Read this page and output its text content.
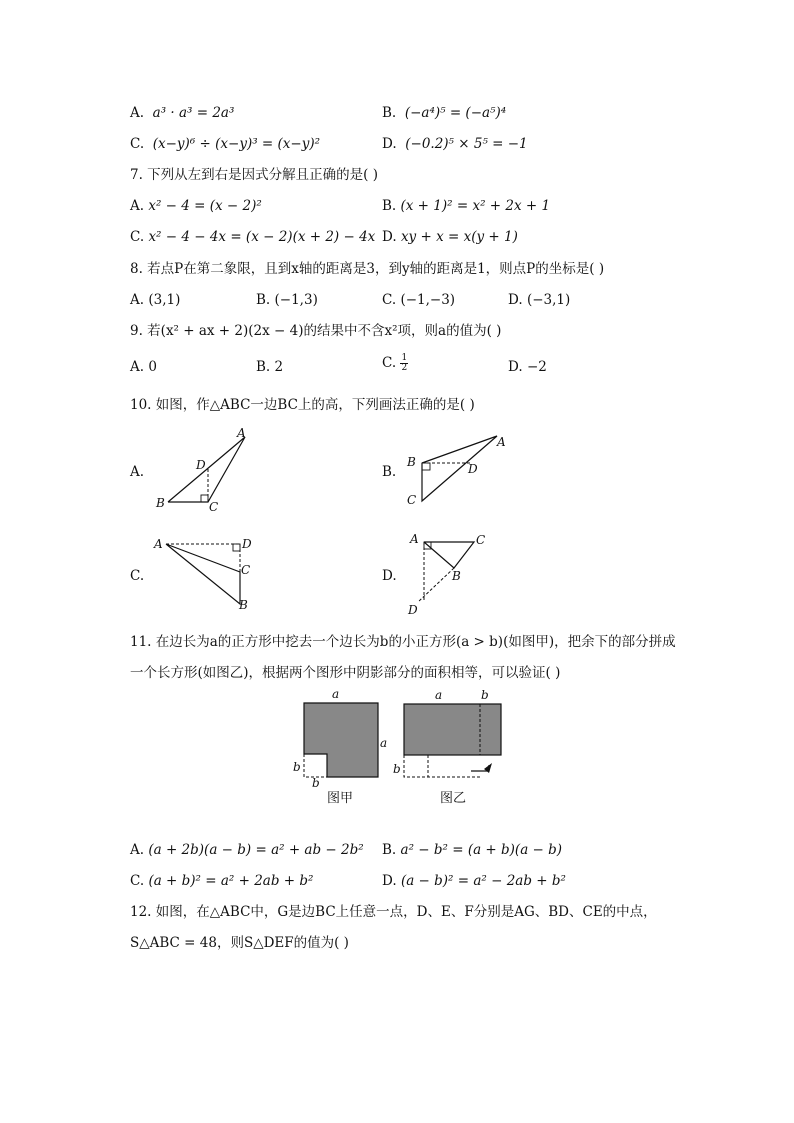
A. a³ · a³ = 2a³	B. (−a⁴)⁵ = (−a⁵)⁴
C. (x−y)⁶ ÷ (x−y)³ = (x−y)²	D. (−0.2)⁵ × 5⁵ = −1
7. 下列从左到右是因式分解且正确的是( )
A. x² − 4 = (x − 2)²	B. (x + 1)² = x² + 2x + 1
C. x² − 4 − 4x = (x − 2)(x + 2) − 4x D. xy + x = x(y + 1)
8. 若点P在第二象限，且到x轴的距离是3，到y轴的距离是1，则点P的坐标是( )
A. (3,1)	B. (−1,3)	C. (−1,−3)	D. (−3,1)
9. 若(x² + ax + 2)(2x − 4)的结果中不含x²项，则a的值为( )
A. 0	B. 2	C. $\frac{1}{2}$	D. −2
10. 如图，作△ABC一边BC上的高，下列画法正确的是( )
A.
A
D
B	C
B.
A
B	D
C
C.
A	D
C
B
D.
A	C
B
D
11. 在边长为a的正方形中挖去一个边长为b的小正方形(a > b)(如图甲)，把余下的部分拼成
一个长方形(如图乙)，根据两个图形中阴影部分的面积相等，可以验证( )
a
a
b
b
图甲
a	b
b
图乙
A. (a + 2b)(a − b) = a² + ab − 2b² B. a² − b² = (a + b)(a − b)
C. (a + b)² = a² + 2ab + b²	D. (a − b)² = a² − 2ab + b²
12. 如图，在△ABC中，G是边BC上任意一点，D、E、F分别是AG、BD、CE的中点，
S△ABC = 48，则S△DEF的值为( )
